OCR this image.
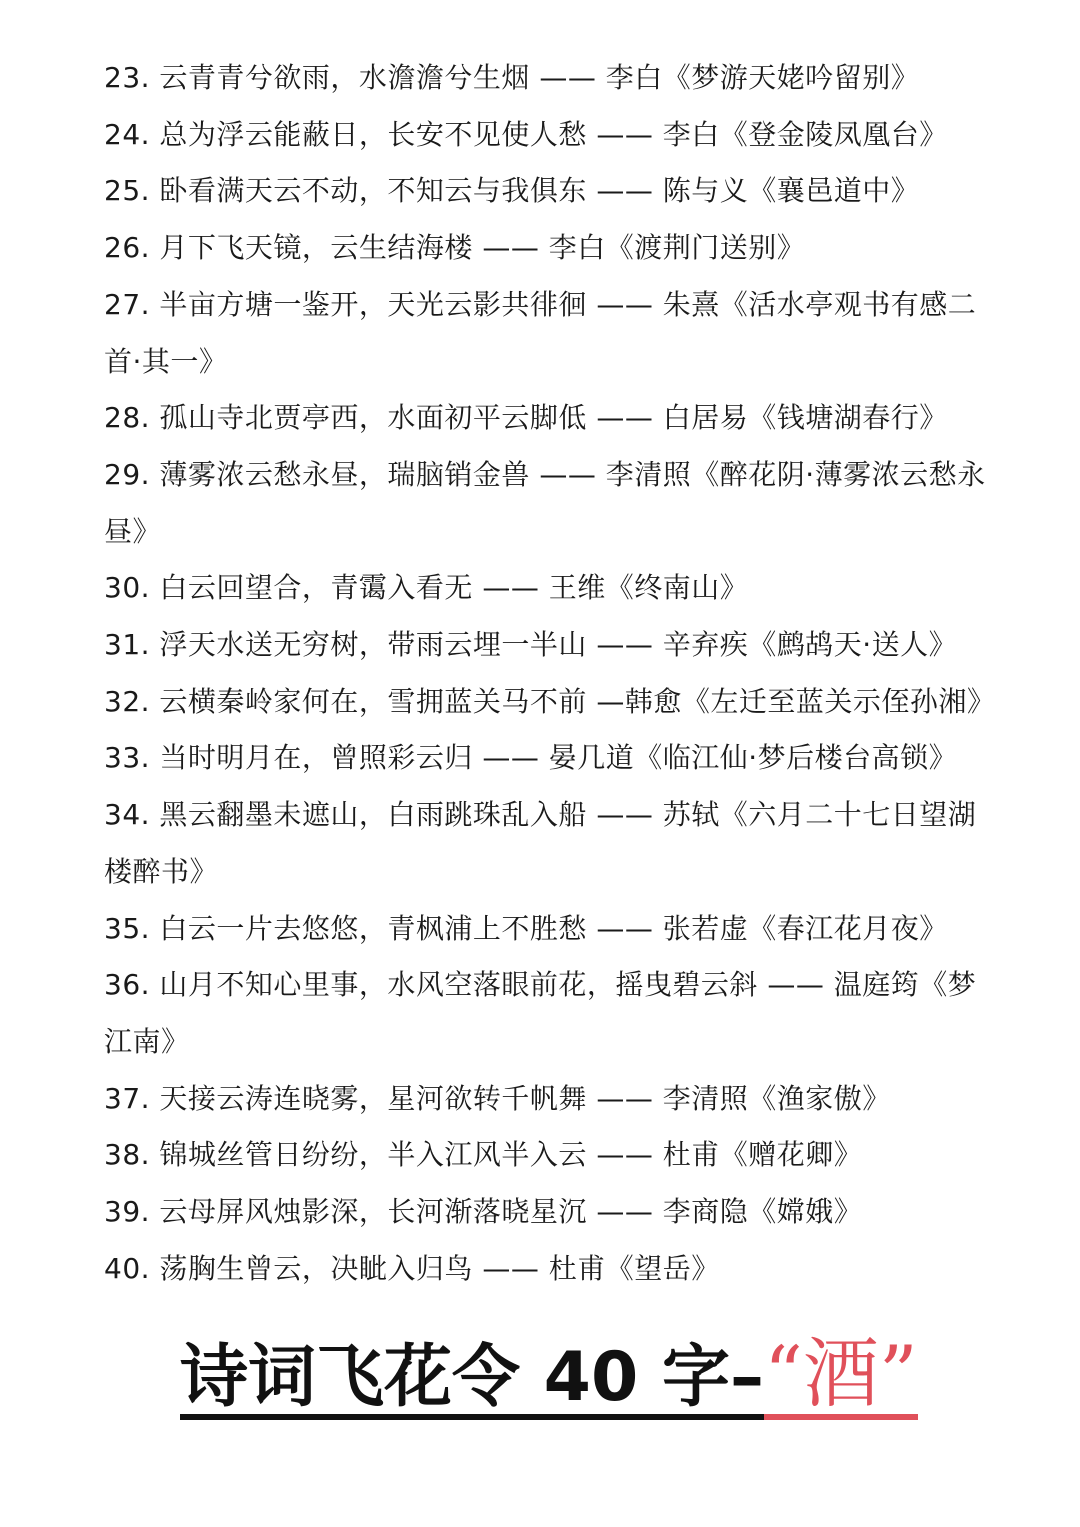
23. 云青青兮欲雨，水澹澹兮生烟 —— 李白《梦游天姥吟留别》
24. 总为浮云能蔽日，长安不见使人愁 —— 李白《登金陵凤凰台》
25. 卧看满天云不动，不知云与我俱东 —— 陈与义《襄邑道中》
26. 月下飞天镜，云生结海楼 —— 李白《渡荆门送别》
27. 半亩方塘一鉴开，天光云影共徘徊 —— 朱熹《活水亭观书有感二首·其一》
28. 孤山寺北贾亭西，水面初平云脚低 —— 白居易《钱塘湖春行》
29. 薄雾浓云愁永昼，瑞脑销金兽 —— 李清照《醉花阴·薄雾浓云愁永昼》
30. 白云回望合，青霭入看无 —— 王维《终南山》
31. 浮天水送无穷树，带雨云埋一半山 —— 辛弃疾《鹧鸪天·送人》
32. 云横秦岭家何在，雪拥蓝关马不前 —韩愈《左迁至蓝关示侄孙湘》
33. 当时明月在，曾照彩云归 —— 晏几道《临江仙·梦后楼台高锁》
34. 黑云翻墨未遮山，白雨跳珠乱入船 —— 苏轼《六月二十七日望湖楼醉书》
35. 白云一片去悠悠，青枫浦上不胜愁 —— 张若虚《春江花月夜》
36. 山月不知心里事，水风空落眼前花，摇曳碧云斜 —— 温庭筠《梦江南》
37. 天接云涛连晓雾，星河欲转千帆舞 —— 李清照《渔家傲》
38. 锦城丝管日纷纷，半入江风半入云 —— 杜甫《赠花卿》
39. 云母屏风烛影深，长河渐落晓星沉 —— 李商隐《嫦娥》
40. 荡胸生曾云，决眦入归鸟 —— 杜甫《望岳》
诗词飞花令 40 字– “酒”
